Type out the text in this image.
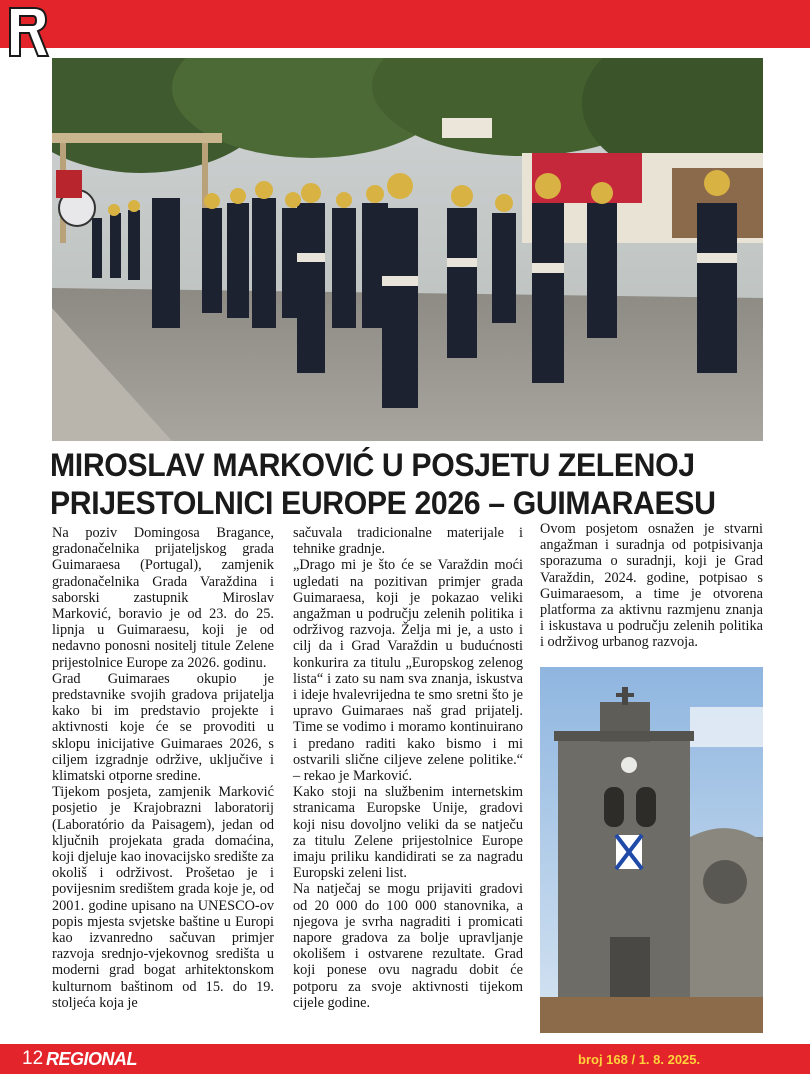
MIROSLAV MARKOVIĆ U POSJETU ZELENOJ
PRIJESTOLNICI EUROPE 2026 – GUIMARAESU

Na poziv Domingosa Bragance, gradonačelnika prijateljskog grada Guimaraesa (Portugal), zamjenik gradonačelnika Grada Varaždina i saborski zastupnik Miroslav Marković, boravio je od 23. do 25. lipnja u Guimaraesu, koji je od nedavno ponosni nositelj titule Zelene prijestolnice Europe za 2026. godinu.

Grad Guimaraes okupio je predstavnike svojih gradova prijatelja kako bi im predstavio projekte i aktivnosti koje će se provoditi u sklopu inicijative Guimaraes 2026, s ciljem izgradnje održive, uključive i klimatski otporne sredine.

Tijekom posjeta, zamjenik Marković posjetio je Krajobrazni laboratorij (Laboratório da Paisagem), jedan od ključnih projekata grada domaćina, koji djeluje kao inovacijsko središte za okoliš i održivost. Prošetao je i povijesnim središtem grada koje je, od 2001. godine upisano na UNESCO-ov popis mjesta svjetske baštine u Europi kao izvanredno sačuvan primjer razvoja srednjo-vjekovnog središta u moderni grad bogat arhitektonskom kulturnom baštinom od 15. do 19. stoljeća koja je

sačuvala tradicionalne materijale i tehnike gradnje.

„Drago mi je što će se Varaždin moći ugledati na pozitivan primjer grada Guimaraesa, koji je pokazao veliki angažman u području zelenih politika i održivog razvoja. Želja mi je, a usto i cilj da i Grad Varaždin u budućnosti konkurira za titulu „Europskog zelenog lista“ i zato su nam sva znanja, iskustva i ideje hvalevrijedna te smo sretni što je upravo Guimaraes naš grad prijatelj. Time se vodimo i moramo kontinuirano i predano raditi kako bismo i mi ostvarili slične ciljeve zelene politike.“ – rekao je Marković.

Kako stoji na službenim internetskim stranicama Europske Unije, gradovi koji nisu dovoljno veliki da se natječu za titulu Zelene prijestolnice Europe imaju priliku kandidirati se za nagradu Europski zeleni list.

Na natječaj se mogu prijaviti gradovi od 20 000 do 100 000 stanovnika, a njegova je svrha nagraditi i promicati napore gradova za bolje upravljanje okolišem i ostvarene rezultate. Grad koji ponese ovu nagradu dobit će potporu za svoje aktivnosti tijekom cijele godine.

Ovom posjetom osnažen je stvarni angažman i suradnja od potpisivanja sporazuma o suradnji, koji je Grad Varaždin, 2024. godine, potpisao s Guimaraesom, a time je otvorena platforma za aktivnu razmjenu znanja i iskustava u području zelenih politika i održivog urbanog razvoja.

12 REGIONAL	broj 168 / 1. 8. 2025.
